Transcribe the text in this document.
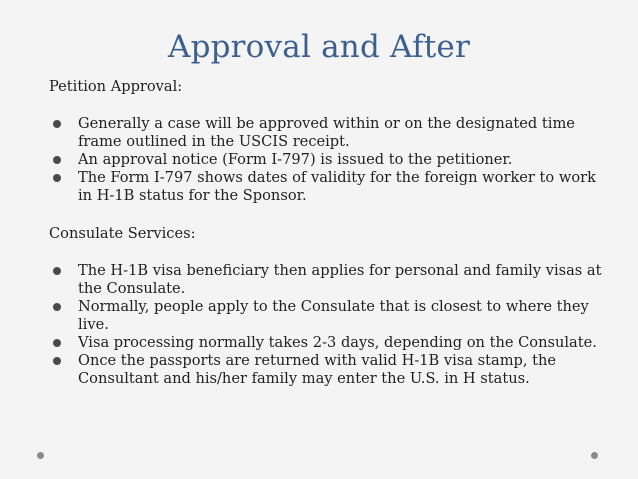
Approval and After

Petition Approval:

Generally a case will be approved within or on the designated time frame outlined in the USCIS receipt.
An approval notice (Form I-797) is issued to the petitioner.
The Form I-797 shows dates of validity for the foreign worker to work in H-1B status for the Sponsor.

Consulate Services:

The H-1B visa beneficiary then applies for personal and family visas at the Consulate.
Normally, people apply to the Consulate that is closest to where they live.
Visa processing normally takes 2-3 days, depending on the Consulate.
Once the passports are returned with valid H-1B visa stamp, the Consultant and his/her family may enter the U.S. in H status.
